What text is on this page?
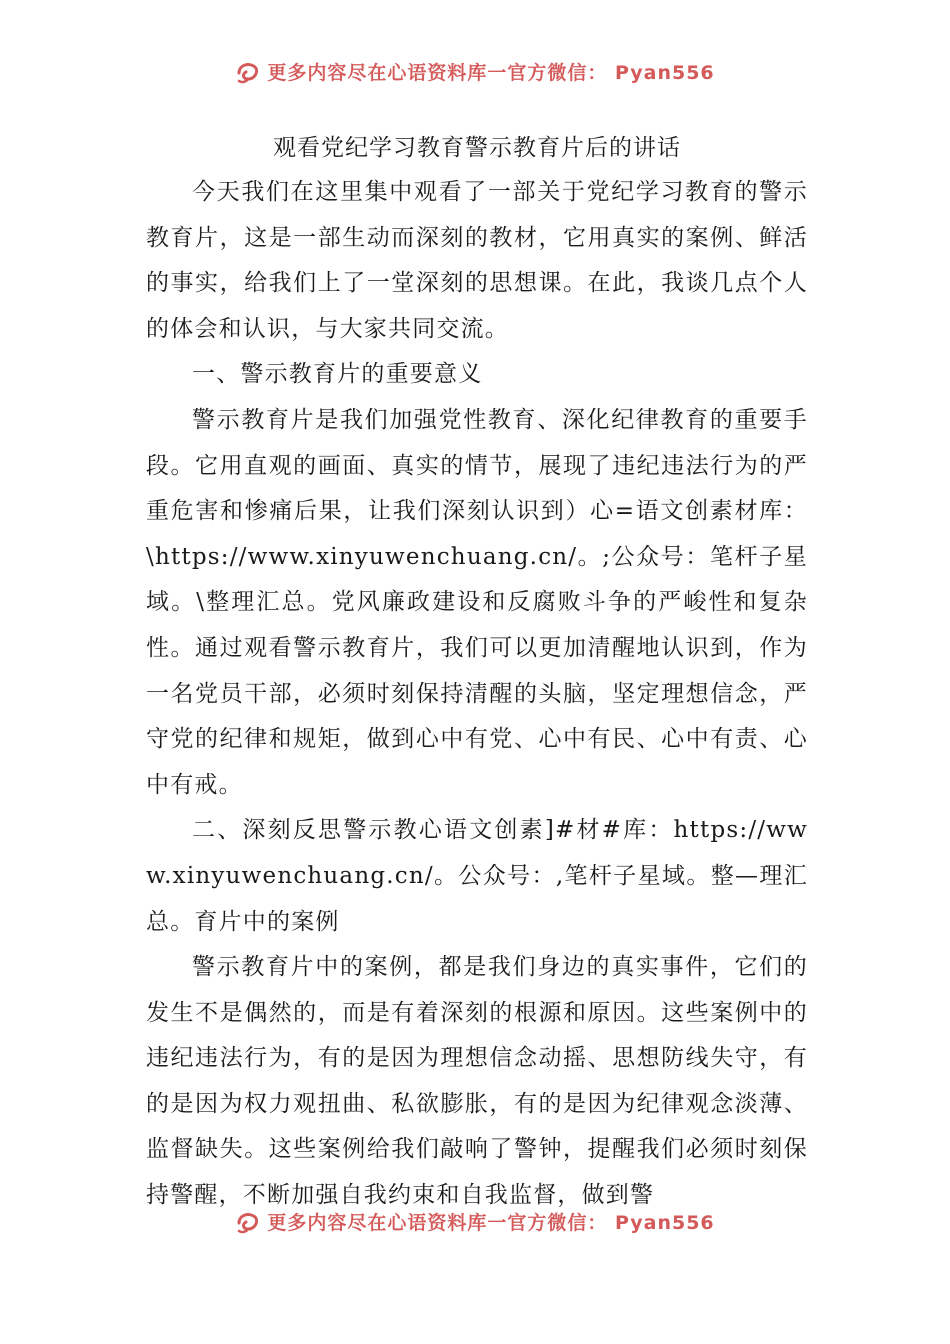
更多内容尽在心语资料库一官方微信： Pyan556
观看党纪学习教育警示教育片后的讲话

今天我们在这里集中观看了一部关于党纪学习教育的警示教育片，这是一部生动而深刻的教材，它用真实的案例、鲜活的事实，给我们上了一堂深刻的思想课。在此，我谈几点个人的体会和认识，与大家共同交流。

一、警示教育片的重要意义

警示教育片是我们加强党性教育、深化纪律教育的重要手段。它用直观的画面、真实的情节，展现了违纪违法行为的严重危害和惨痛后果，让我们深刻认识到）心=语文创素材库：\https://www.xinyuwenchuang.cn/。;公众号：笔杆子星域。\整理汇总。党风廉政建设和反腐败斗争的严峻性和复杂性。通过观看警示教育片，我们可以更加清醒地认识到，作为一名党员干部，必须时刻保持清醒的头脑，坚定理想信念，严守党的纪律和规矩，做到心中有党、心中有民、心中有责、心中有戒。

二、深刻反思警示教心语文创素]#材#库：https://www.xinyuwenchuang.cn/。公众号：,笔杆子星域。整—理汇总。育片中的案例

警示教育片中的案例，都是我们身边的真实事件，它们的发生不是偶然的，而是有着深刻的根源和原因。这些案例中的违纪违法行为，有的是因为理想信念动摇、思想防线失守，有的是因为权力观扭曲、私欲膨胀，有的是因为纪律观念淡薄、监督缺失。这些案例给我们敲响了警钟，提醒我们必须时刻保持警醒，不断加强自我约束和自我监督，做到警

更多内容尽在心语资料库一官方微信： Pyan556
